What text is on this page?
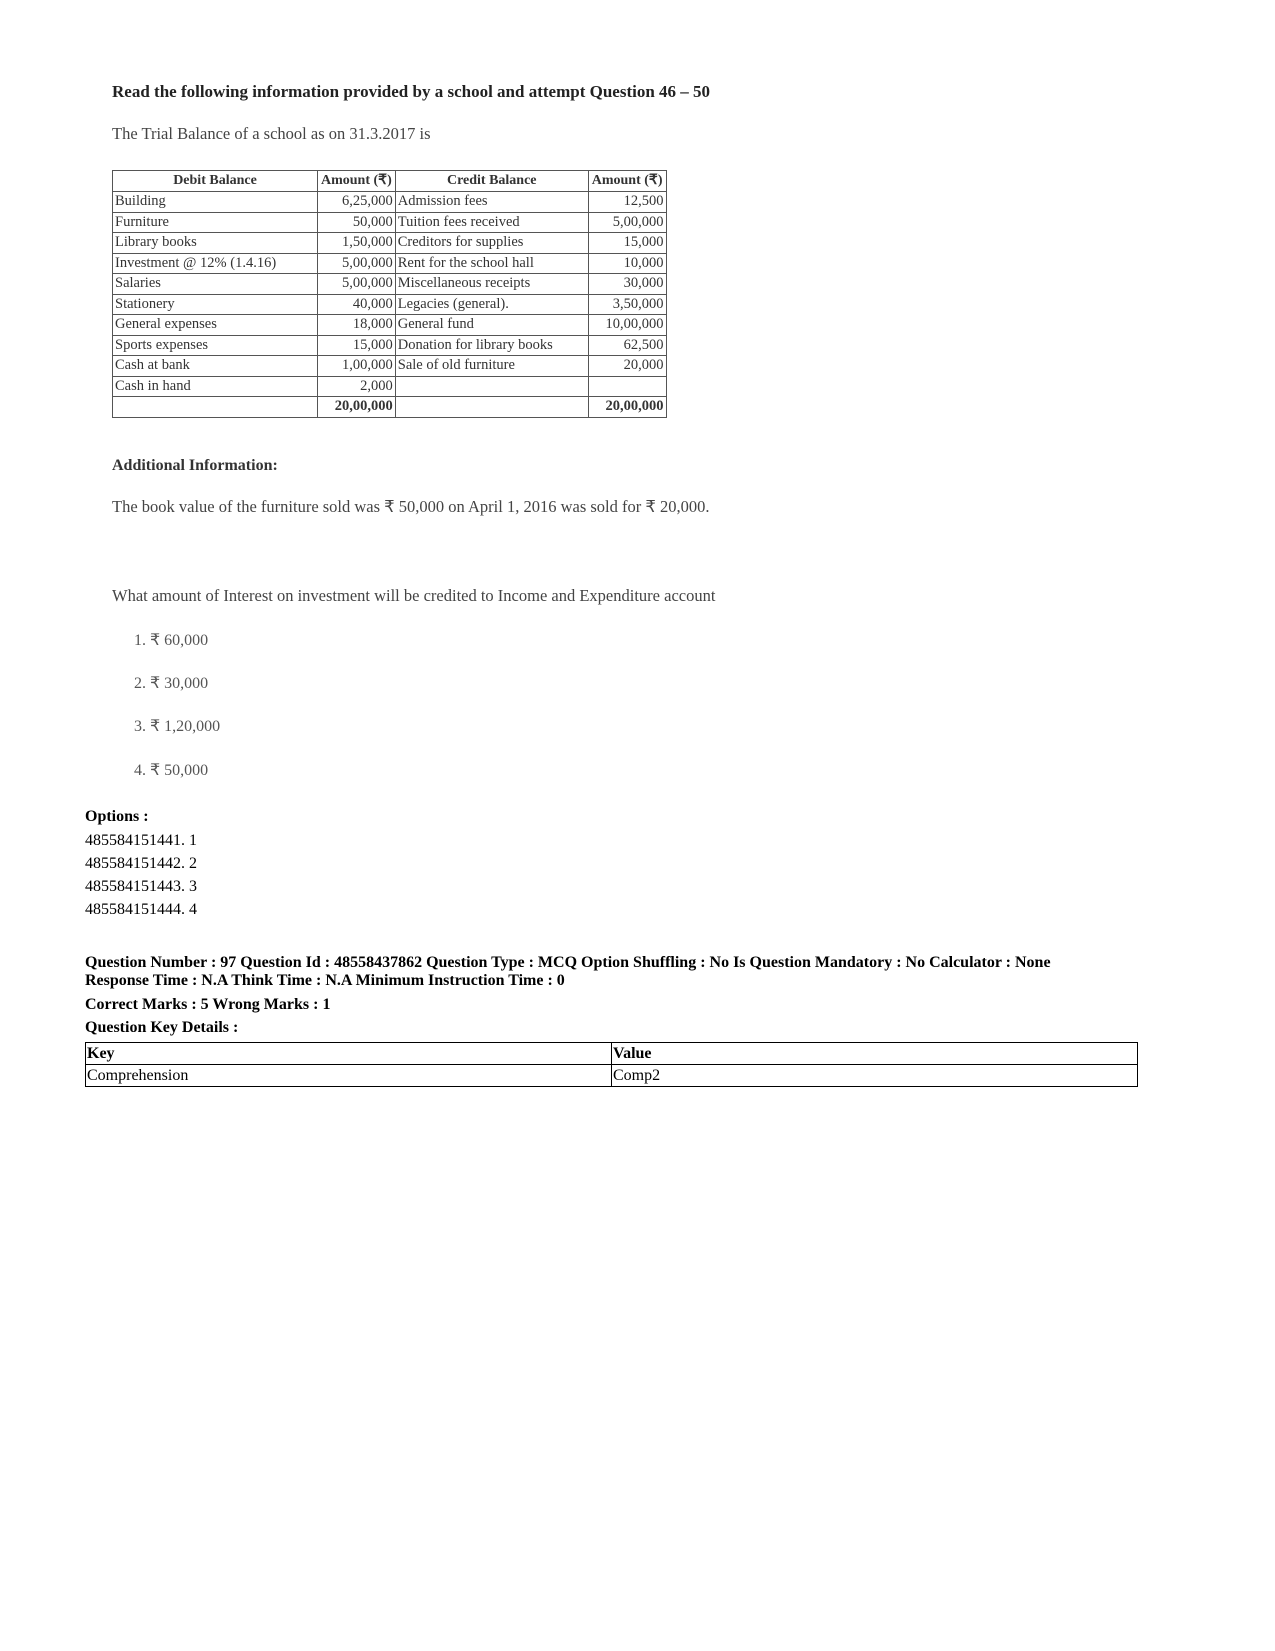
Read the following information provided by a school and attempt Question 46 – 50
The Trial Balance of a school as on 31.3.2017 is
Debit Balance	Amount (₹)	Credit Balance	Amount (₹)
Building	6,25,000	Admission fees	12,500
Furniture	50,000	Tuition fees received	5,00,000
Library books	1,50,000	Creditors for supplies	15,000
Investment @ 12% (1.4.16)	5,00,000	Rent for the school hall	10,000
Salaries	5,00,000	Miscellaneous receipts	30,000
Stationery	40,000	Legacies (general).	3,50,000
General expenses	18,000	General fund	10,00,000
Sports expenses	15,000	Donation for library books	62,500
Cash at bank	1,00,000	Sale of old furniture	20,000
Cash in hand	2,000		
	20,00,000		20,00,000
Additional Information:
The book value of the furniture sold was ₹ 50,000 on April 1, 2016 was sold for ₹ 20,000.
What amount of Interest on investment will be credited to Income and Expenditure account
1. ₹ 60,000
2. ₹ 30,000
3. ₹ 1,20,000
4. ₹ 50,000
Options :
485584151441. 1
485584151442. 2
485584151443. 3
485584151444. 4
Question Number : 97 Question Id : 48558437862 Question Type : MCQ Option Shuffling : No Is Question Mandatory : No Calculator : None
Response Time : N.A Think Time : N.A Minimum Instruction Time : 0
Correct Marks : 5 Wrong Marks : 1
Question Key Details :
Key	Value
Comprehension	Comp2
